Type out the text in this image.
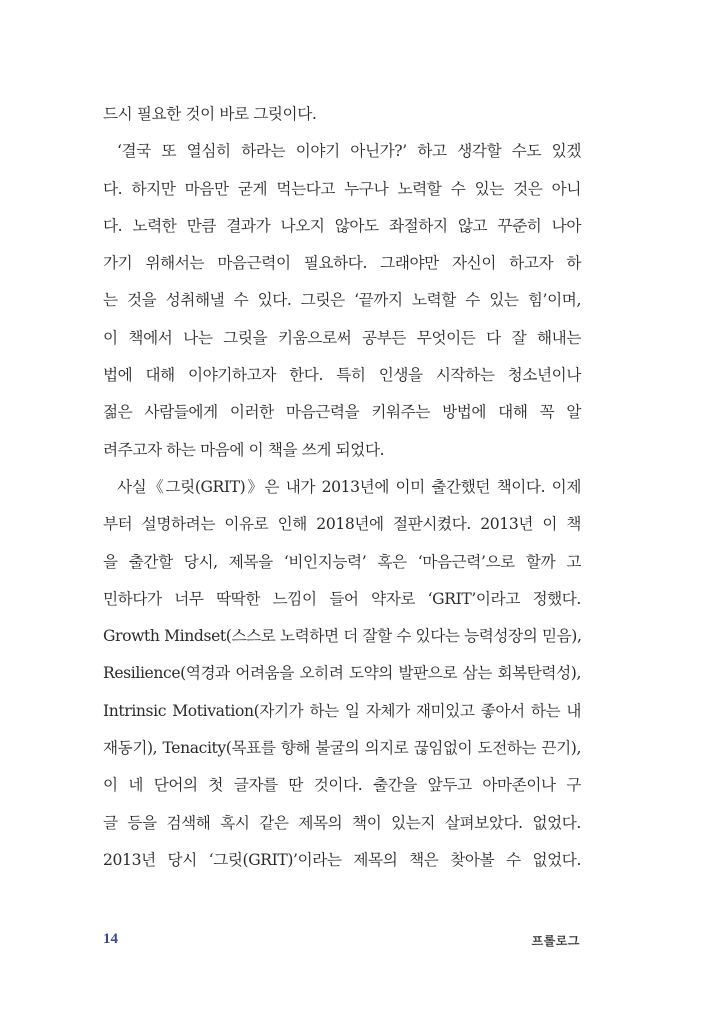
드시 필요한 것이 바로 그릿이다.
‘결국 또 열심히 하라는 이야기 아닌가?’ 하고 생각할 수도 있겠
다. 하지만 마음만 굳게 먹는다고 누구나 노력할 수 있는 것은 아니
다. 노력한 만큼 결과가 나오지 않아도 좌절하지 않고 꾸준히 나아
가기 위해서는 마음근력이 필요하다. 그래야만 자신이 하고자 하
는 것을 성취해낼 수 있다. 그릿은 ‘끝까지 노력할 수 있는 힘’이며,
이 책에서 나는 그릿을 키움으로써 공부든 무엇이든 다 잘 해내는
법에 대해 이야기하고자 한다. 특히 인생을 시작하는 청소년이나
젊은 사람들에게 이러한 마음근력을 키워주는 방법에 대해 꼭 알
려주고자 하는 마음에 이 책을 쓰게 되었다.
사실《그릿(GRIT)》은 내가 2013년에 이미 출간했던 책이다. 이제
부터 설명하려는 이유로 인해 2018년에 절판시켰다. 2013년 이 책
을 출간할 당시, 제목을 ‘비인지능력’ 혹은 ‘마음근력’으로 할까 고
민하다가 너무 딱딱한 느낌이 들어 약자로 ‘GRIT’이라고 정했다.
Growth Mindset(스스로 노력하면 더 잘할 수 있다는 능력성장의 믿음),
Resilience(역경과 어려움을 오히려 도약의 발판으로 삼는 회복탄력성),
Intrinsic Motivation(자기가 하는 일 자체가 재미있고 좋아서 하는 내
재동기), Tenacity(목표를 향해 불굴의 의지로 끊임없이 도전하는 끈기),
이 네 단어의 첫 글자를 딴 것이다. 출간을 앞두고 아마존이나 구
글 등을 검색해 혹시 같은 제목의 책이 있는지 살펴보았다. 없었다.
2013년 당시 ‘그릿(GRIT)’이라는 제목의 책은 찾아볼 수 없었다.
14	프롤로그
